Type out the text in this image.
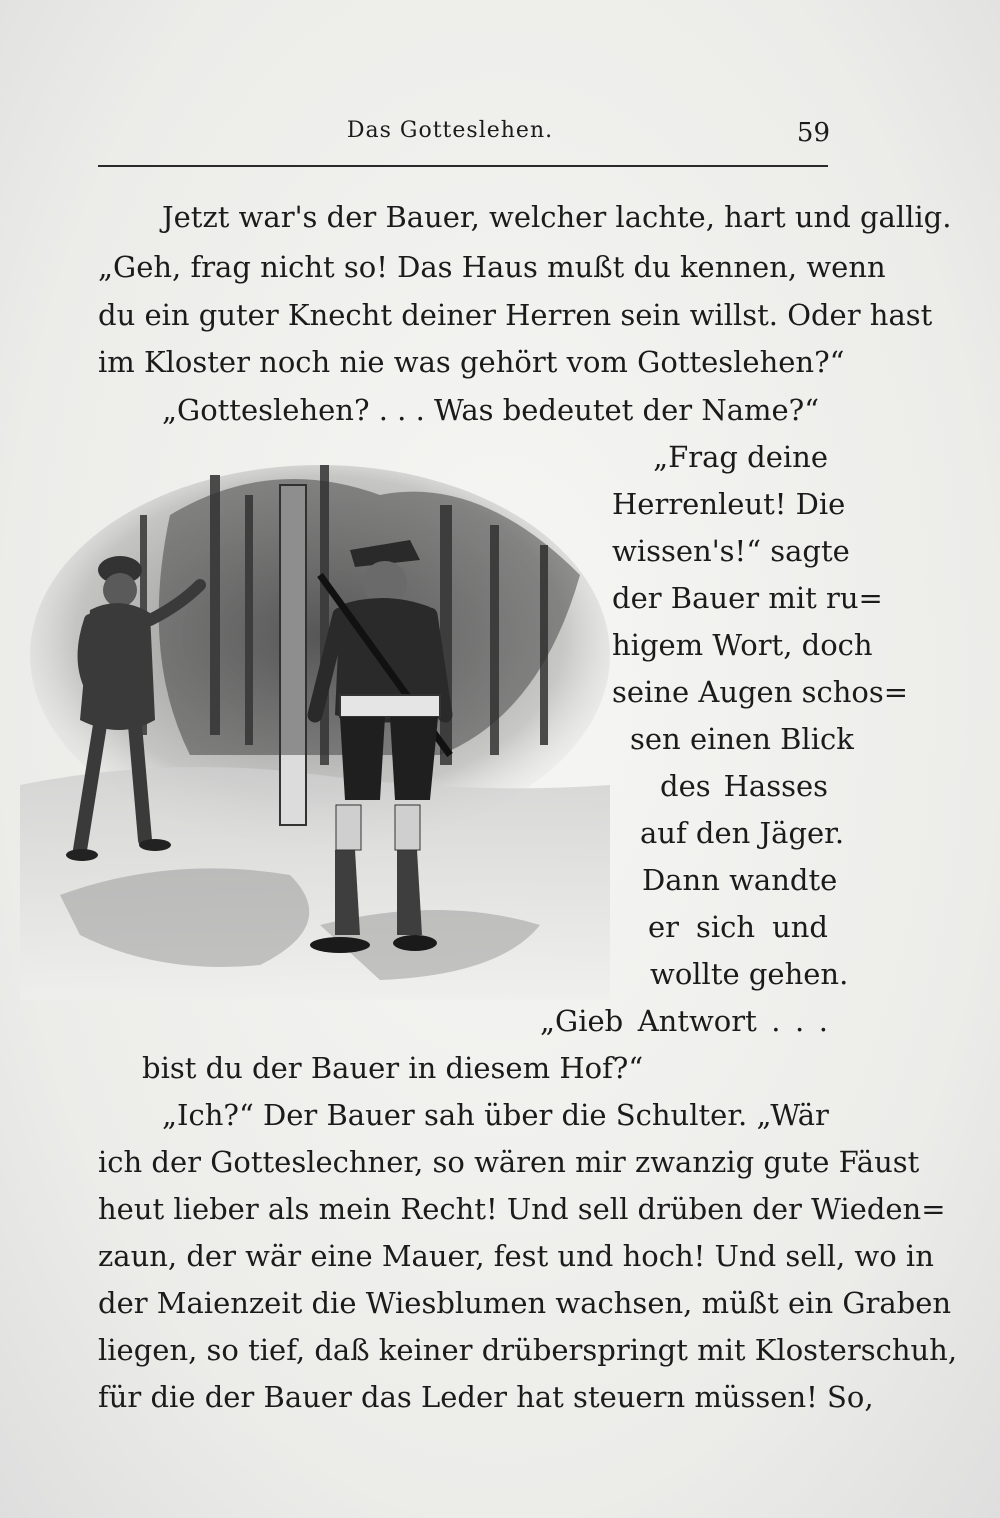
Das Gotteslehen.	59
Jetzt war's der Bauer, welcher lachte, hart und gallig.
„Geh, frag nicht so! Das Haus mußt du kennen, wenn
du ein guter Knecht deiner Herren sein willst. Oder hast
im Kloster noch nie was gehört vom Gotteslehen?“
„Gotteslehen? . . . Was bedeutet der Name?“
„Frag deine
Herrenleut! Die
wissen's!“ sagte
der Bauer mit ru=
higem Wort, doch
seine Augen schos=
sen einen Blick
des Hasses
auf den Jäger.
Dann wandte
er sich und
wollte gehen.
„Gieb Antwort . . .
bist du der Bauer in diesem Hof?“
„Ich?“ Der Bauer sah über die Schulter. „Wär
ich der Gotteslechner, so wären mir zwanzig gute Fäust
heut lieber als mein Recht! Und sell drüben der Wieden=
zaun, der wär eine Mauer, fest und hoch! Und sell, wo in
der Maienzeit die Wiesblumen wachsen, müßt ein Graben
liegen, so tief, daß keiner drüberspringt mit Klosterschuh,
für die der Bauer das Leder hat steuern müssen! So,
